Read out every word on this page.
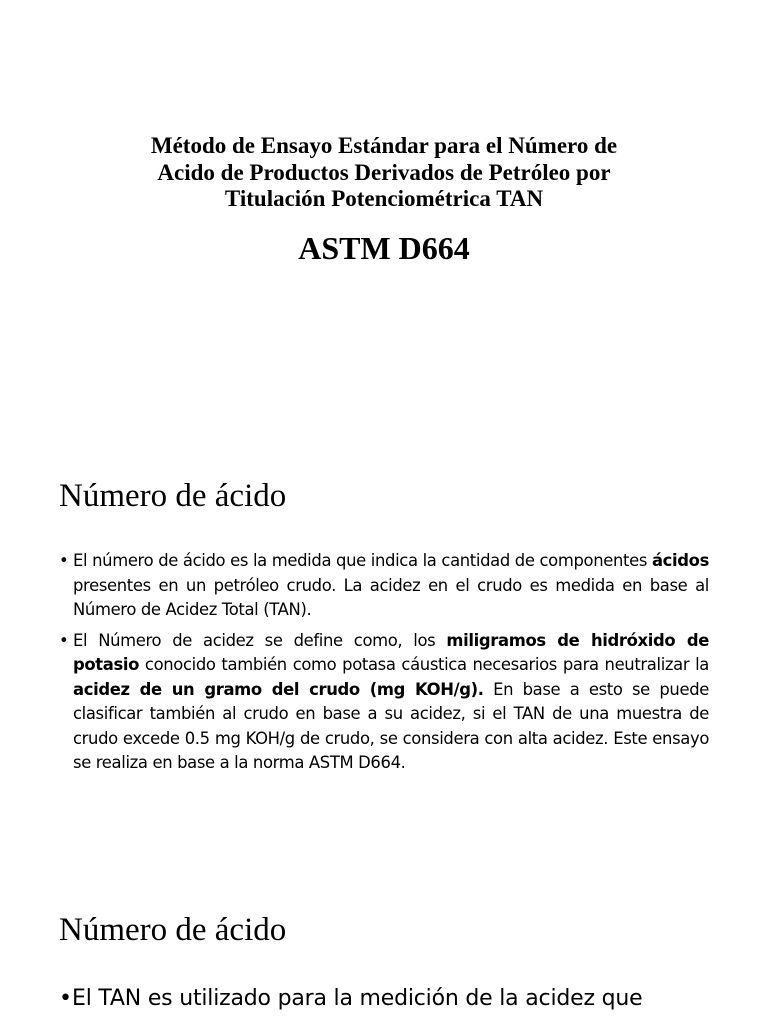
Método de Ensayo Estándar para el Número de
Acido de Productos Derivados de Petróleo por
Titulación Potenciométrica TAN
ASTM D664
Número de ácido
• El número de ácido es la medida que indica la cantidad de componentes ácidos presentes en un petróleo crudo. La acidez en el crudo es medida en base al Número de Acidez Total (TAN).
• El Número de acidez se define como, los miligramos de hidróxido de potasio conocido también como potasa cáustica necesarios para neutralizar la acidez de un gramo del crudo (mg KOH/g). En base a esto se puede clasificar también al crudo en base a su acidez, si el TAN de una muestra de crudo excede 0.5 mg KOH/g de crudo, se considera con alta acidez. Este ensayo se realiza en base a la norma ASTM D664.
Número de ácido
• El TAN es utilizado para la medición de la acidez que
